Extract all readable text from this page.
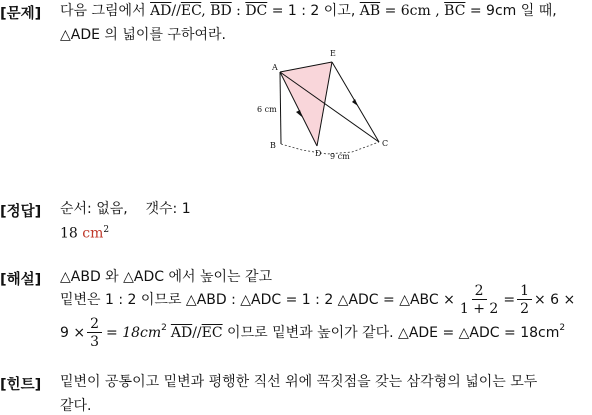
[문제] 다음 그림에서 $\overline{AD}//\overline{EC}$, $\overline{BD}$ : $\overline{DC} = 1$ : 2 이고, $\overline{AB} = 6cm$ , $\overline{BC} = 9cm$ 일 때,
△ADE 의 넓이를 구하여라.
A
E
B
D
C
6 cm
9 cm
[정답] 순서: 없음,    갯수: 1
18 $cm^2$
[해설] △ABD 와 △ADC 에서 높이는 같고
밑변은 1 : 2 이므로 △ABD : △ADC = 1 : 2 △ADC = △ABC × $\frac{2}{1 + 2} = \frac{1}{2} \times 6$ ×
$9 \times \frac{2}{3} = 18cm^2$ $\overline{AD} // \overline{EC}$ 이므로 밑변과 높이가 같다. △ADE = △ADC = $18cm^2$
[힌트] 밑변이 공통이고 밑변과 평행한 직선 위에 꼭짓점을 갖는 삼각형의 넓이는 모두
같다.
